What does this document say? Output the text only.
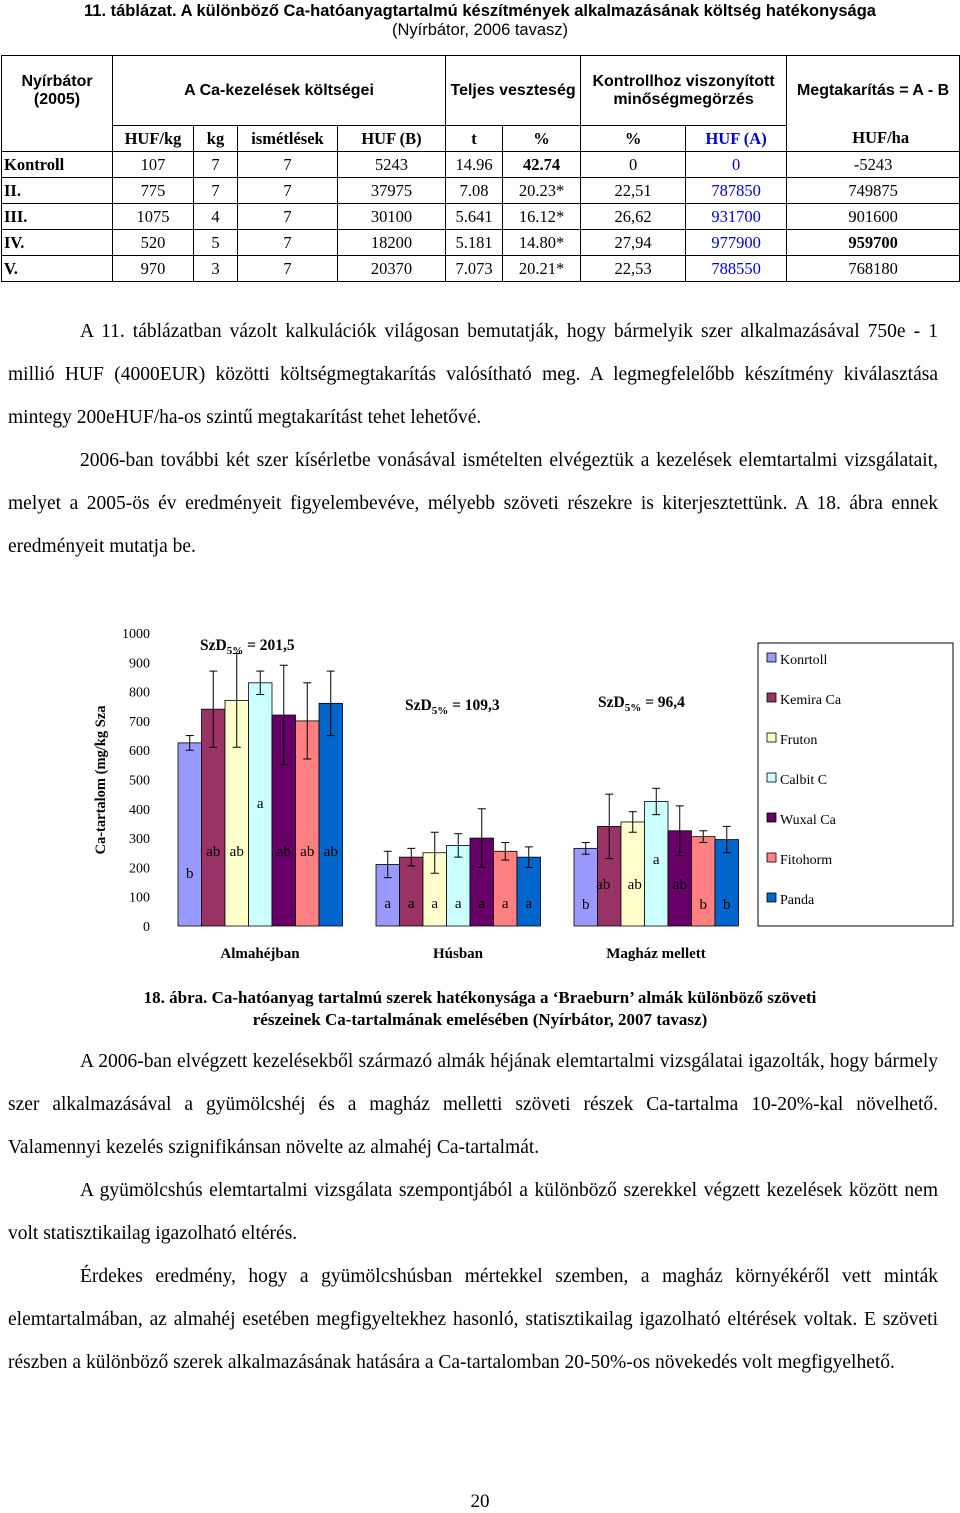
11. táblázat. A különböző Ca-hatóanyagtartalmú készítmények alkalmazásának költség hatékonysága
(Nyírbátor, 2006 tavasz)
Nyírbátor (2005)	A Ca-kezelések költségei				Teljes veszteség		Kontrollhoz viszonyított minőségmegörzés		Megtakarítás = A - B
	HUF/kg	kg	ismétlések	HUF (B)	t	%	%	HUF (A)	HUF/ha
Kontroll	107	7	7	5243	14.96	42.74	0	0	-5243
II.	775	7	7	37975	7.08	20.23*	22,51	787850	749875
III.	1075	4	7	30100	5.641	16.12*	26,62	931700	901600
IV.	520	5	7	18200	5.181	14.80*	27,94	977900	959700
V.	970	3	7	20370	7.073	20.21*	22,53	788550	768180

A 11. táblázatban vázolt kalkulációk világosan bemutatják, hogy bármelyik szer alkalmazásával 750e - 1 millió HUF (4000EUR) közötti költségmegtakarítás valósítható meg. A legmegfelelőbb készítmény kiválasztása mintegy 200eHUF/ha-os szintű megtakarítást tehet lehetővé.

2006-ban további két szer kísérletbe vonásával ismételten elvégeztük a kezelések elemtartalmi vizsgálatait, melyet a 2005-ös év eredményeit figyelembevéve, mélyebb szöveti részekre is kiterjesztettünk. A 18. ábra ennek eredményeit mutatja be.

Ca-tartalom (mg/kg Sza
0
100
200
300
400
500
600
700
800
900
1000
b
ab ab
a
ab ab ab
a a a a a a a	b
ab ab
a
ab
b b
Almahéjban	Húsban	Magház mellett
SzD$_{5\%}$ = 201,5
SzD$_{5\%}$ = 109,3	SzD$_{5\%}$ = 96,4
Konrtoll
Kemira Ca
Fruton
Calbit C
Wuxal Ca
Fitohorm
Panda
18. ábra. Ca-hatóanyag tartalmú szerek hatékonysága a ‘Braeburn’ almák különböző szöveti
részeinek Ca-tartalmának emelésében (Nyírbátor, 2007 tavasz)

A 2006-ban elvégzett kezelésekből származó almák héjának elemtartalmi vizsgálatai igazolták, hogy bármely szer alkalmazásával a gyümölcshéj és a magház melletti szöveti részek Ca-tartalma 10-20%-kal növelhető. Valamennyi kezelés szignifikánsan növelte az almahéj Ca-tartalmát.

A gyümölcshús elemtartalmi vizsgálata szempontjából a különböző szerekkel végzett kezelések között nem volt statisztikailag igazolható eltérés.

Érdekes eredmény, hogy a gyümölcshúsban mértekkel szemben, a magház környékéről vett minták elemtartalmában, az almahéj esetében megfigyeltekhez hasonló, statisztikailag igazolható eltérések voltak. E szöveti részben a különböző szerek alkalmazásának hatására a Ca-tartalomban 20-50%-os növekedés volt megfigyelhető.

20
